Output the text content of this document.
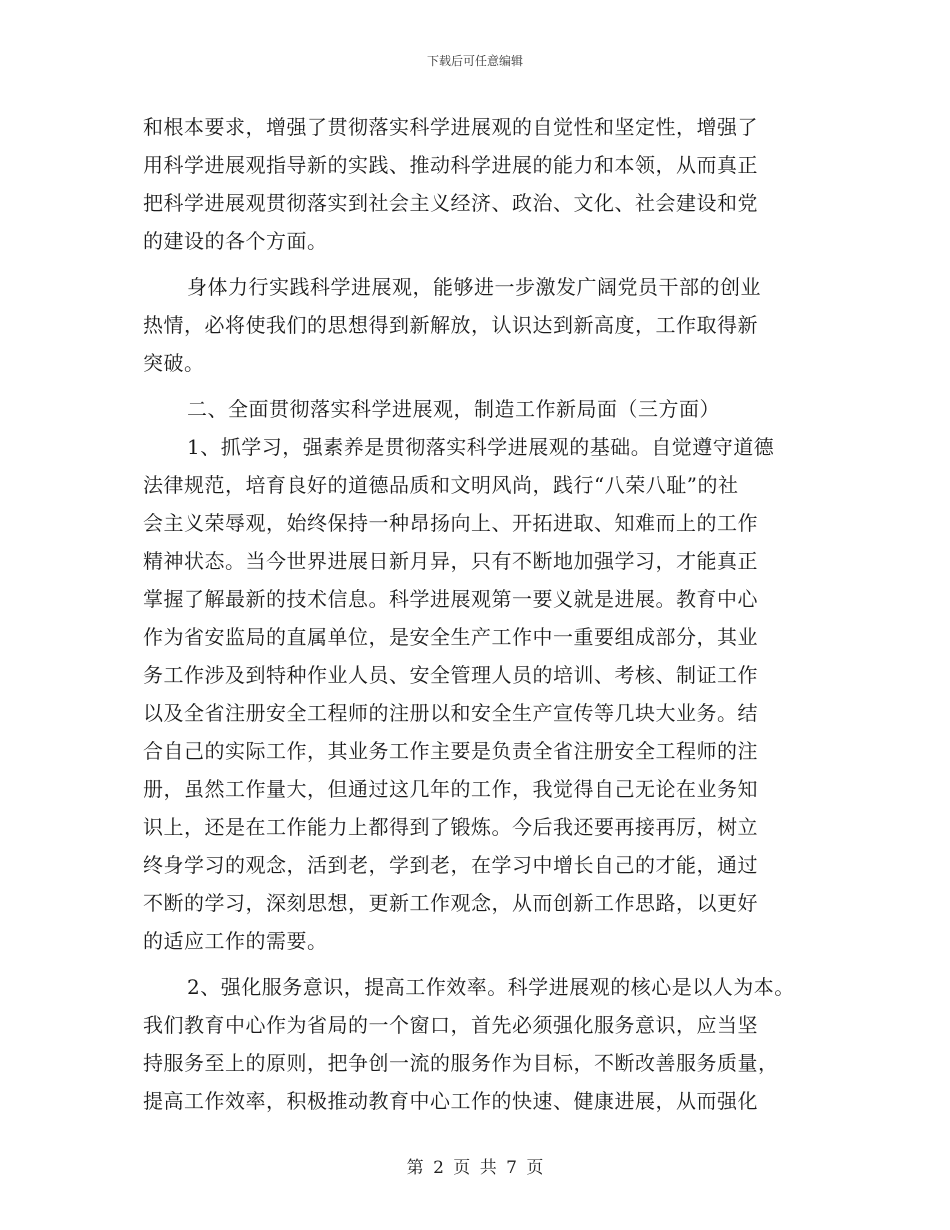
下载后可任意编辑
和根本要求，增强了贯彻落实科学进展观的自觉性和坚定性，增强了
用科学进展观指导新的实践、推动科学进展的能力和本领，从而真正
把科学进展观贯彻落实到社会主义经济、政治、文化、社会建设和党
的建设的各个方面。
身体力行实践科学进展观，能够进一步激发广阔党员干部的创业
热情，必将使我们的思想得到新解放，认识达到新高度，工作取得新
突破。
二、全面贯彻落实科学进展观，制造工作新局面（三方面）
1、抓学习，强素养是贯彻落实科学进展观的基础。自觉遵守道德
法律规范，培育良好的道德品质和文明风尚，践行“八荣八耻”的社
会主义荣辱观，始终保持一种昂扬向上、开拓进取、知难而上的工作
精神状态。当今世界进展日新月异，只有不断地加强学习，才能真正
掌握了解最新的技术信息。科学进展观第一要义就是进展。教育中心
作为省安监局的直属单位，是安全生产工作中一重要组成部分，其业
务工作涉及到特种作业人员、安全管理人员的培训、考核、制证工作
以及全省注册安全工程师的注册以和安全生产宣传等几块大业务。结
合自己的实际工作，其业务工作主要是负责全省注册安全工程师的注
册，虽然工作量大，但通过这几年的工作，我觉得自己无论在业务知
识上，还是在工作能力上都得到了锻炼。今后我还要再接再厉，树立
终身学习的观念，活到老，学到老，在学习中增长自己的才能，通过
不断的学习，深刻思想，更新工作观念，从而创新工作思路，以更好
的适应工作的需要。
2、强化服务意识，提高工作效率。科学进展观的核心是以人为本。
我们教育中心作为省局的一个窗口，首先必须强化服务意识，应当坚
持服务至上的原则，把争创一流的服务作为目标，不断改善服务质量，
提高工作效率，积极推动教育中心工作的快速、健康进展，从而强化
第 2 页 共 7 页
